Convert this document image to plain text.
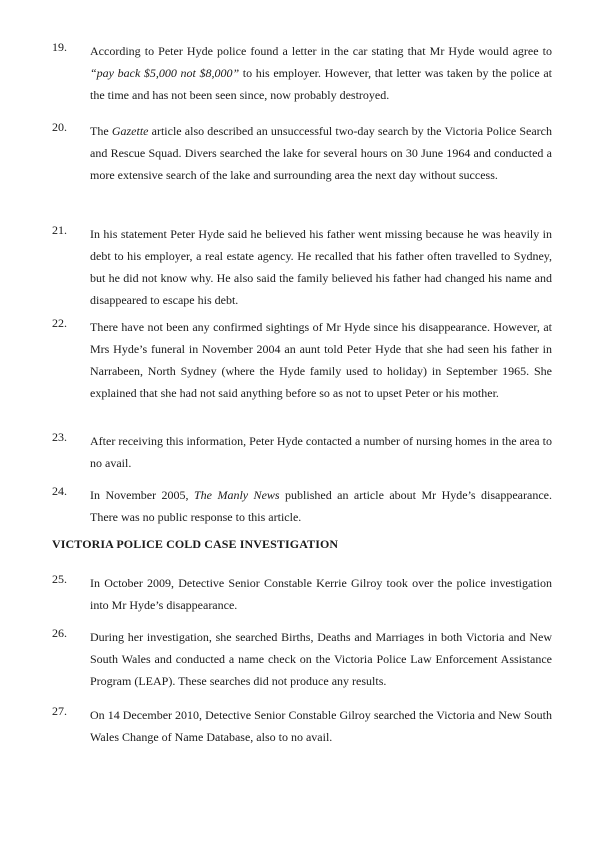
19. According to Peter Hyde police found a letter in the car stating that Mr Hyde would agree to “pay back $5,000 not $8,000” to his employer. However, that letter was taken by the police at the time and has not been seen since, now probably destroyed.
20. The Gazette article also described an unsuccessful two-day search by the Victoria Police Search and Rescue Squad. Divers searched the lake for several hours on 30 June 1964 and conducted a more extensive search of the lake and surrounding area the next day without success.
21. In his statement Peter Hyde said he believed his father went missing because he was heavily in debt to his employer, a real estate agency. He recalled that his father often travelled to Sydney, but he did not know why. He also said the family believed his father had changed his name and disappeared to escape his debt.
22. There have not been any confirmed sightings of Mr Hyde since his disappearance. However, at Mrs Hyde’s funeral in November 2004 an aunt told Peter Hyde that she had seen his father in Narrabeen, North Sydney (where the Hyde family used to holiday) in September 1965. She explained that she had not said anything before so as not to upset Peter or his mother.
23. After receiving this information, Peter Hyde contacted a number of nursing homes in the area to no avail.
24. In November 2005, The Manly News published an article about Mr Hyde’s disappearance. There was no public response to this article.
VICTORIA POLICE COLD CASE INVESTIGATION
25. In October 2009, Detective Senior Constable Kerrie Gilroy took over the police investigation into Mr Hyde’s disappearance.
26. During her investigation, she searched Births, Deaths and Marriages in both Victoria and New South Wales and conducted a name check on the Victoria Police Law Enforcement Assistance Program (LEAP). These searches did not produce any results.
27. On 14 December 2010, Detective Senior Constable Gilroy searched the Victoria and New South Wales Change of Name Database, also to no avail.
